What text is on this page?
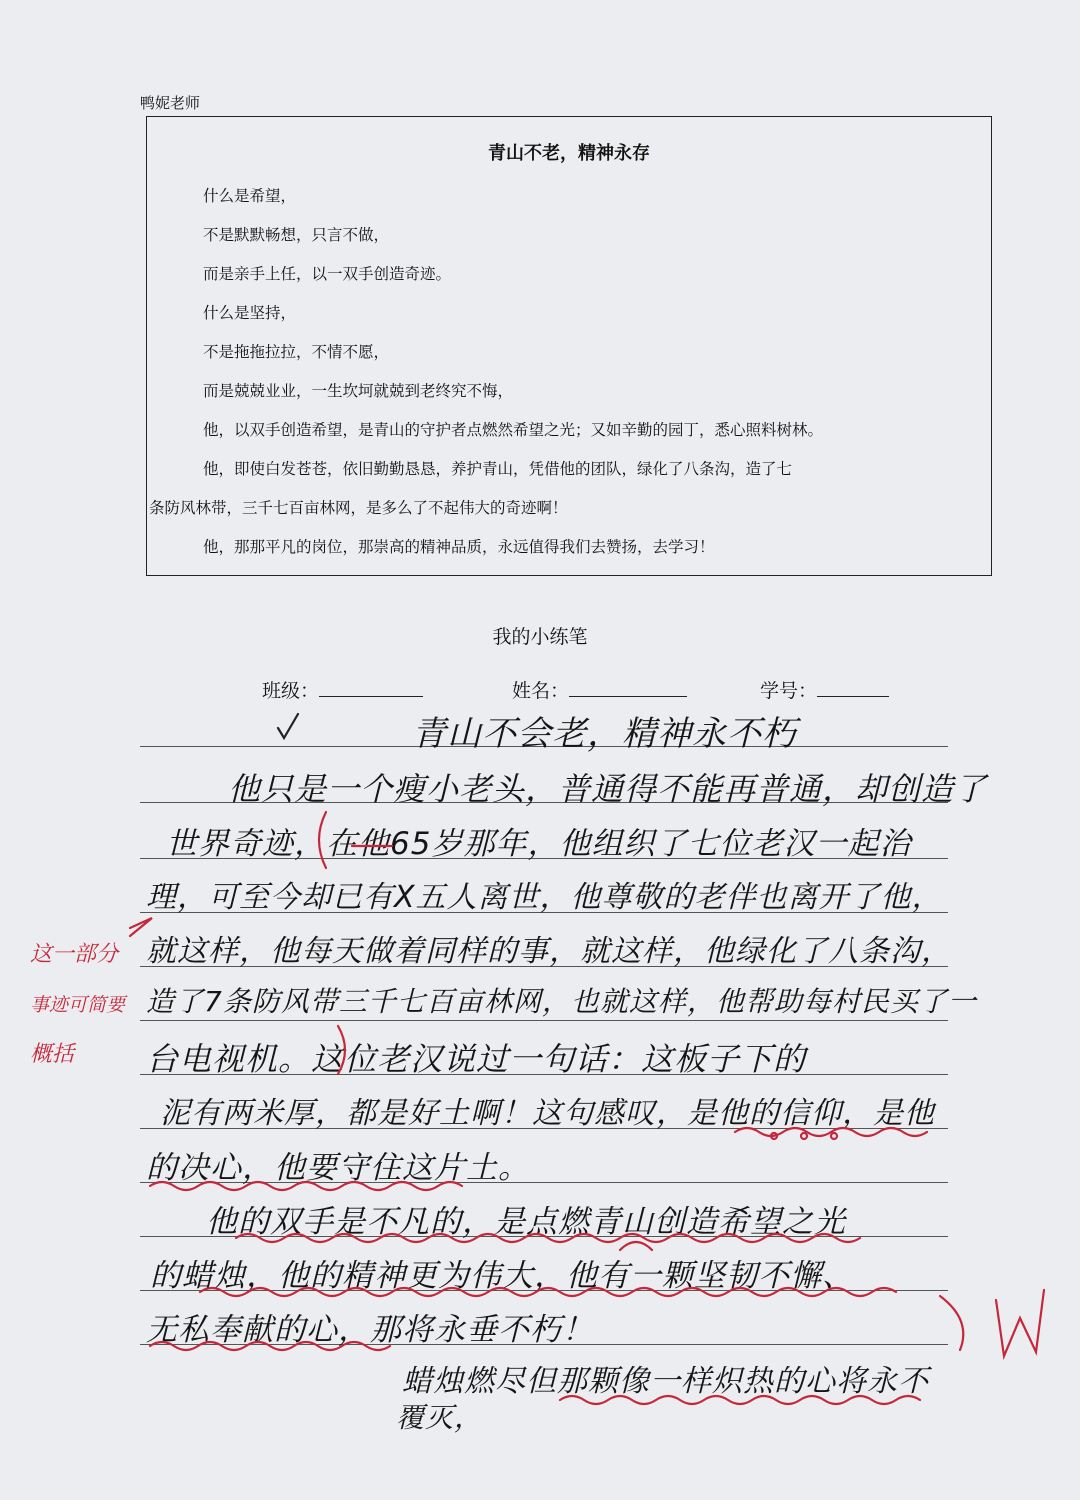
鸭妮老师
青山不老，精神永存

什么是希望，

不是默默畅想，只言不做，

而是亲手上任，以一双手创造奇迹。

什么是坚持，

不是拖拖拉拉，不情不愿，

而是兢兢业业，一生坎坷就兢到老终究不悔，

他，以双手创造希望，是青山的守护者点燃然希望之光；又如辛勤的园丁，悉心照料树林。

他，即使白发苍苍，依旧勤勤恳恳，养护青山，凭借他的团队，绿化了八条沟，造了七

条防风林带，三千七百亩林网，是多么了不起伟大的奇迹啊！

他，那那平凡的岗位，那崇高的精神品质，永远值得我们去赞扬，去学习！

我的小练笔
班级：	姓名：	学号：
青山不会老，精神永不朽
他只是一个瘦小老头，普通得不能再普通，却创造了
世界奇迹，在他65岁那年，他组织了七位老汉一起治
理，可至今却已有X五人离世，他尊敬的老伴也离开了他，
就这样，他每天做着同样的事，就这样，他绿化了八条沟，
造了7条防风带三千七百亩林网，也就这样，他帮助每村民买了一
台电视机。这位老汉说过一句话：这板子下的
泥有两米厚，都是好土啊！这句感叹，是他的信仰，是他
的决心，他要守住这片土。
他的双手是不凡的，是点燃青山创造希望之光
的蜡烛，他的精神更为伟大，他有一颗坚韧不懈、
无私奉献的心，那将永垂不朽！
蜡烛燃尽但那颗像一样炽热的心将永不
覆灭，
这一部分
事迹可简要
概括
